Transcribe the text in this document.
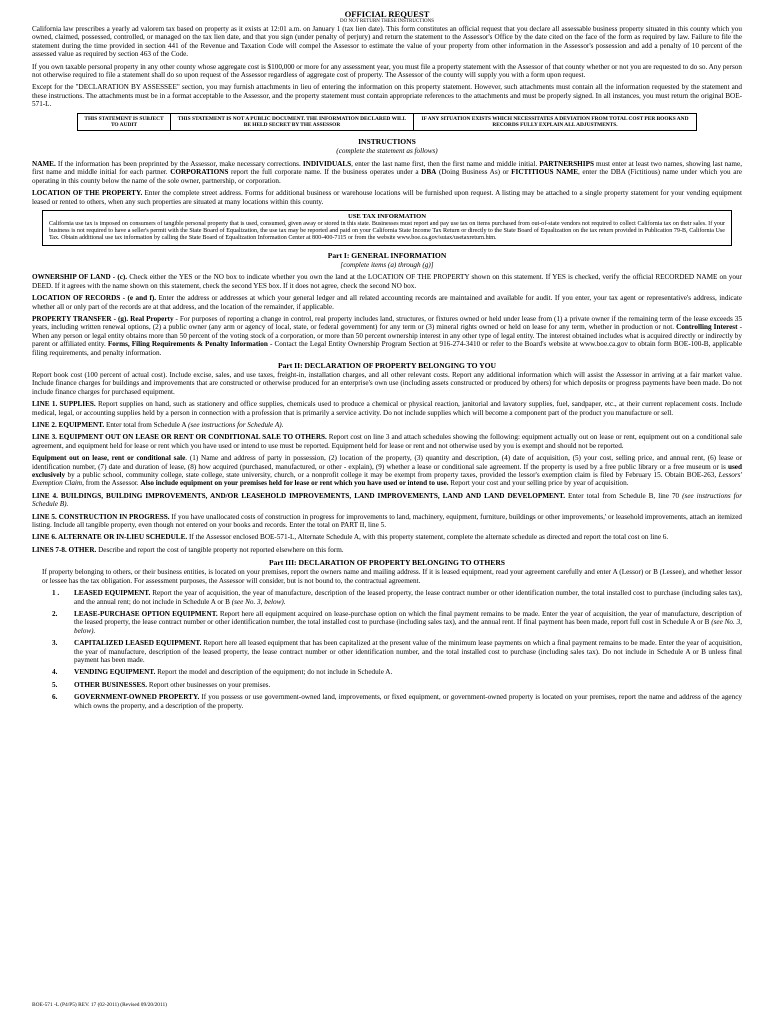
OFFICIAL REQUEST
DO NOT RETURN THESE INSTRUCTIONS

California law prescribes a yearly ad valorem tax based on property as it exists at 12:01 a.m. on January 1 (tax lien date). This form constitutes an official request that you declare all assessable business property situated in this county which you owned, claimed, possessed, controlled, or managed on the tax lien date, and that you sign (under penalty of perjury) and return the statement to the Assessor's Office by the date cited on the face of the form as required by law. Failure to file the statement during the time provided in section 441 of the Revenue and Taxation Code will compel the Assessor to estimate the value of your property from other information in the Assessor's possession and add a penalty of 10 percent of the assessed value as required by section 463 of the Code.

If you own taxable personal property in any other county whose aggregate cost is $100,000 or more for any assessment year, you must file a property statement with the Assessor of that county whether or not you are requested to do so. Any person not otherwise required to file a statement shall do so upon request of the Assessor regardless of aggregate cost of property. The Assessor of the county will supply you with a form upon request.

Except for the "DECLARATION BY ASSESSEE" section, you may furnish attachments in lieu of entering the information on this property statement. However, such attachments must contain all the information requested by the statement and these instructions. The attachments must be in a format acceptable to the Assessor, and the property statement must contain appropriate references to the attachments and must be properly signed. In all instances, you must return the original BOE-571-L.

THIS STATEMENT IS SUBJECT TO AUDIT	THIS STATEMENT IS NOT A PUBLIC DOCUMENT. THE INFORMATION DECLARED WILL BE HELD SECRET BY THE ASSESSOR	IF ANY SITUATION EXISTS WHICH NECESSITATES A DEVIATION FROM TOTAL COST PER BOOKS AND RECORDS FULLY EXPLAIN ALL ADJUSTMENTS.
INSTRUCTIONS
(complete the statement as follows)

NAME. If the information has been preprinted by the Assessor, make necessary corrections. INDIVIDUALS, enter the last name first, then the first name and middle initial. PARTNERSHIPS must enter at least two names, showing last name, first name and middle initial for each partner. CORPORATIONS report the full corporate name. If the business operates under a DBA (Doing Business As) or FICTITIOUS NAME, enter the DBA (Fictitious) name under which you are operating in this county below the name of the sole owner, partnership, or corporation.

LOCATION OF THE PROPERTY. Enter the complete street address. Forms for additional business or warehouse locations will be furnished upon request. A listing may be attached to a single property statement for your vending equipment leased or rented to others, when any such properties are situated at many locations within this county.

USE TAX INFORMATION
California use tax is imposed on consumers of tangible personal property that is used, consumed, given away or stored in this state. Businesses must report and pay use tax on items purchased from out-of-state vendors not required to collect California tax on their sales. If your business is not required to have a seller's permit with the State Board of Equalization, the use tax may be reported and paid on your California State Income Tax Return or directly to the State Board of Equalization on the tax return provided in Publication 79-B, California Use Tax. Obtain additional use tax information by calling the State Board of Equalization Information Center at 800-400-7115 or from the website www.boe.ca.gov/sutax/usetaxreturn.htm.
Part I: GENERAL INFORMATION
[complete items (a) through (g)]

OWNERSHIP OF LAND - (c). Check either the YES or the NO box to indicate whether you own the land at the LOCATION OF THE PROPERTY shown on this statement. If YES is checked, verify the official RECORDED NAME on your DEED. If it agrees with the name shown on this statement, check the second YES box. If it does not agree, check the second NO box.

LOCATION OF RECORDS - (e and f). Enter the address or addresses at which your general ledger and all related accounting records are maintained and available for audit. If you enter, your tax agent or representative's address, indicate whether all or only part of the records are at that address, and the location of the remainder, if applicable.

PROPERTY TRANSFER - (g). Real Property - For purposes of reporting a change in control, real property includes land, structures, or fixtures owned or held under lease from (1) a private owner if the remaining term of the lease exceeds 35 years, including written renewal options, (2) a public owner (any arm or agency of local, state, or federal government) for any term or (3) mineral rights owned or held on lease for any term, whether in production or not. Controlling Interest - When any person or legal entity obtains more than 50 percent of the voting stock of a corporation, or more than 50 percent ownership interest in any other type of legal entity. The interest obtained includes what is acquired directly or indirectly by parent or affiliated entity. Forms, Filing Requirements & Penalty Information - Contact the Legal Entity Ownership Program Section at 916-274-3410 or refer to the Board's website at www.boe.ca.gov to obtain form BOE-100-B, applicable filing requirements, and penalty information.

Part II: DECLARATION OF PROPERTY BELONGING TO YOU

Report book cost (100 percent of actual cost). Include excise, sales, and use taxes, freight-in, installation charges, and all other relevant costs. Report any additional information which will assist the Assessor in arriving at a fair market value. Include finance charges for buildings and improvements that are constructed or otherwise produced for an enterprise's own use (including assets constructed or produced by others) for which deposits or progress payments have been made. Do not include finance charges for purchased equipment.

LINE 1. SUPPLIES. Report supplies on hand, such as stationery and office supplies, chemicals used to produce a chemical or physical reaction, janitorial and lavatory supplies, fuel, sandpaper, etc., at their current replacement costs. Include medical, legal, or accounting supplies held by a person in connection with a profession that is primarily a service activity. Do not include supplies which will become a component part of the product you manufacture or sell.

LINE 2. EQUIPMENT. Enter total from Schedule A (see instructions for Schedule A).

LINE 3. EQUIPMENT OUT ON LEASE OR RENT OR CONDITIONAL SALE TO OTHERS. Report cost on line 3 and attach schedules showing the following: equipment actually out on lease or rent, equipment out on a conditional sale agreement, and equipment held for lease or rent which you have used or intend to use must be reported. Equipment held for lease or rent and not otherwise used by you is exempt and should not be reported.

Equipment out on lease, rent or conditional sale. (1) Name and address of party in possession, (2) location of the property, (3) quantity and description, (4) date of acquisition, (5) your cost, selling price, and annual rent, (6) lease or identification number, (7) date and duration of lease, (8) how acquired (purchased, manufactured, or other - explain), (9) whether a lease or conditional sale agreement. If the property is used by a free public library or a free museum or is used exclusively by a public school, community college, state college, state university, church, or a nonprofit college it may be exempt from property taxes, provided the lessor's exemption claim is filed by February 15. Obtain BOE-263, Lessors' Exemption Claim, from the Assessor. Also include equipment on your premises held for lease or rent which you have used or intend to use. Report your cost and your selling price by year of acquisition.

LINE 4. BUILDINGS, BUILDING IMPROVEMENTS, AND/OR LEASEHOLD IMPROVEMENTS, LAND IMPROVEMENTS, LAND AND LAND DEVELOPMENT. Enter total from Schedule B, line 70 (see instructions for Schedule B).

LINE 5. CONSTRUCTION IN PROGRESS. If you have unallocated costs of construction in progress for improvements to land, machinery, equipment, furniture, buildings or other improvements,' or leasehold improvements, attach an itemized listing. Include all tangible property, even though not entered on your books and records. Enter the total on PART II, line 5.

LINE 6. ALTERNATE OR IN-LIEU SCHEDULE. If the Assessor enclosed BOE-571-L, Alternate Schedule A, with this property statement, complete the alternate schedule as directed and report the total cost on line 6.

LINES 7-8. OTHER. Describe and report the cost of tangible property not reported elsewhere on this form.

Part III: DECLARATION OF PROPERTY BELONGING TO OTHERS

If property belonging to others, or their business entities, is located on your premises, report the owners name and mailing address. If it is leased equipment, read your agreement carefully and enter A (Lessor) or B (Lessee), and whether lessor or lessee has the tax obligation. For assessment purposes, the Assessor will consider, but is not bound to, the contractual agreement.

1 .	LEASED EQUIPMENT. Report the year of acquisition, the year of manufacture, description of the leased property, the lease contract number or other identification number, the total installed cost to purchase (including sales tax), and the annual rent; do not include in Schedule A or B (see No. 3, below).
2.	LEASE-PURCHASE OPTION EQUIPMENT. Report here all equipment acquired on lease-purchase option on which the final payment remains to be made. Enter the year of acquisition, the year of manufacture, description of the leased property, the lease contract number or other identification number, the total installed cost to purchase (including sales tax), and the annual rent. If final payment has been made, report full cost in Schedule A or B (see No. 3, below).
3.	CAPITALIZED LEASED EQUIPMENT. Report here all leased equipment that has been capitalized at the present value of the minimum lease payments on which a final payment remains to be made. Enter the year of acquisition, the year of manufacture, description of the leased property, the lease contract number or other identification number, and the total installed cost to purchase (including sales tax). Do not include in Schedule A or B unless final payment has been made.
4.	VENDING EQUIPMENT. Report the model and description of the equipment; do not include in Schedule A.
5.	OTHER BUSINESSES. Report other businesses on your premises.
6.	GOVERNMENT-OWNED PROPERTY. If you possess or use government-owned land, improvements, or fixed equipment, or government-owned property is located on your premises, report the name and address of the agency which owns the property, and a description of the property.
BOE-571 -L (P4/P5) REV. 17 (02-2011) (Revised 09/20/2011)
